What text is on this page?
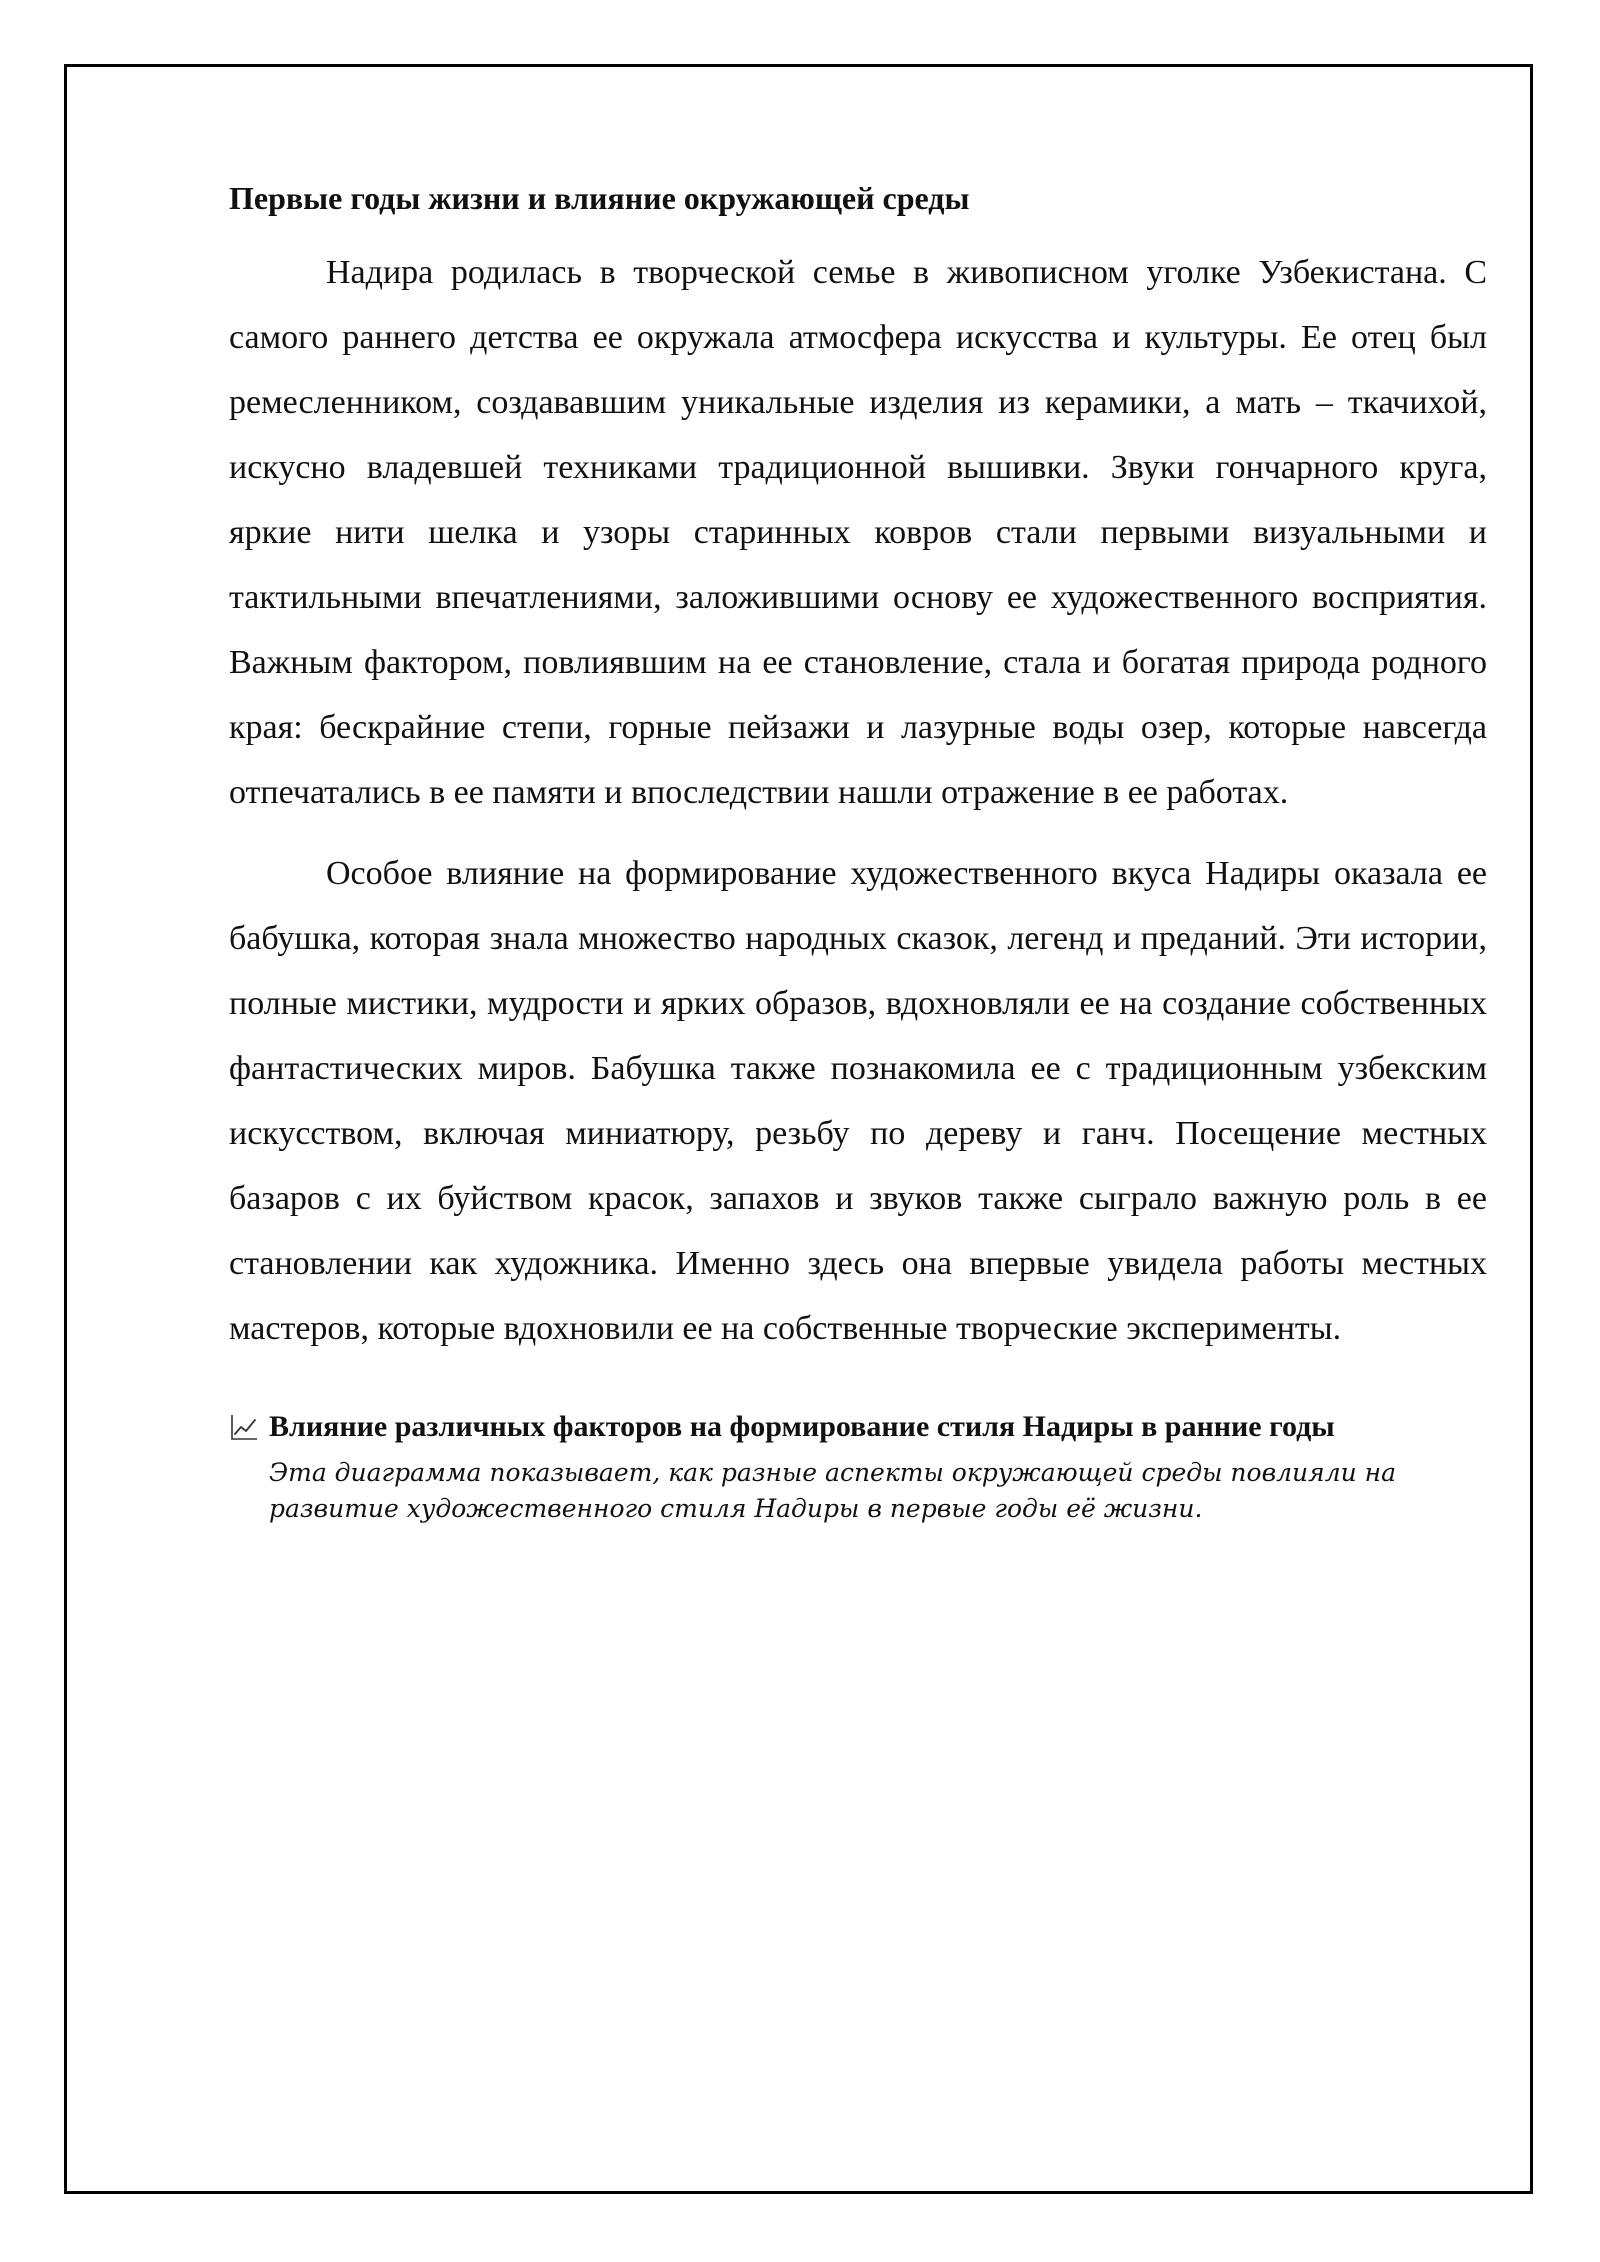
Первые годы жизни и влияние окружающей среды

Надира родилась в творческой семье в живописном уголке Узбекистана. С самого раннего детства ее окружала атмосфера искусства и культуры. Ее отец был ремесленником, создававшим уникальные изделия из керамики, а мать – ткачихой, искусно владевшей техниками традиционной вышивки. Звуки гончарного круга, яркие нити шелка и узоры старинных ковров стали первыми визуальными и тактильными впечатлениями, заложившими основу ее художественного восприятия. Важным фактором, повлиявшим на ее становление, стала и богатая природа родного края: бескрайние степи, горные пейзажи и лазурные воды озер, которые навсегда отпечатались в ее памяти и впоследствии нашли отражение в ее работах.

Особое влияние на формирование художественного вкуса Надиры оказала ее бабушка, которая знала множество народных сказок, легенд и преданий. Эти истории, полные мистики, мудрости и ярких образов, вдохновляли ее на создание собственных фантастических миров. Бабушка также познакомила ее с традиционным узбекским искусством, включая миниатюру, резьбу по дереву и ганч. Посещение местных базаров с их буйством красок, запахов и звуков также сыграло важную роль в ее становлении как художника. Именно здесь она впервые увидела работы местных мастеров, которые вдохновили ее на собственные творческие эксперименты.

Влияние различных факторов на формирование стиля Надиры в ранние годы
Эта диаграмма показывает, как разные аспекты окружающей среды повлияли на развитие художественного стиля Надиры в первые годы её жизни.
